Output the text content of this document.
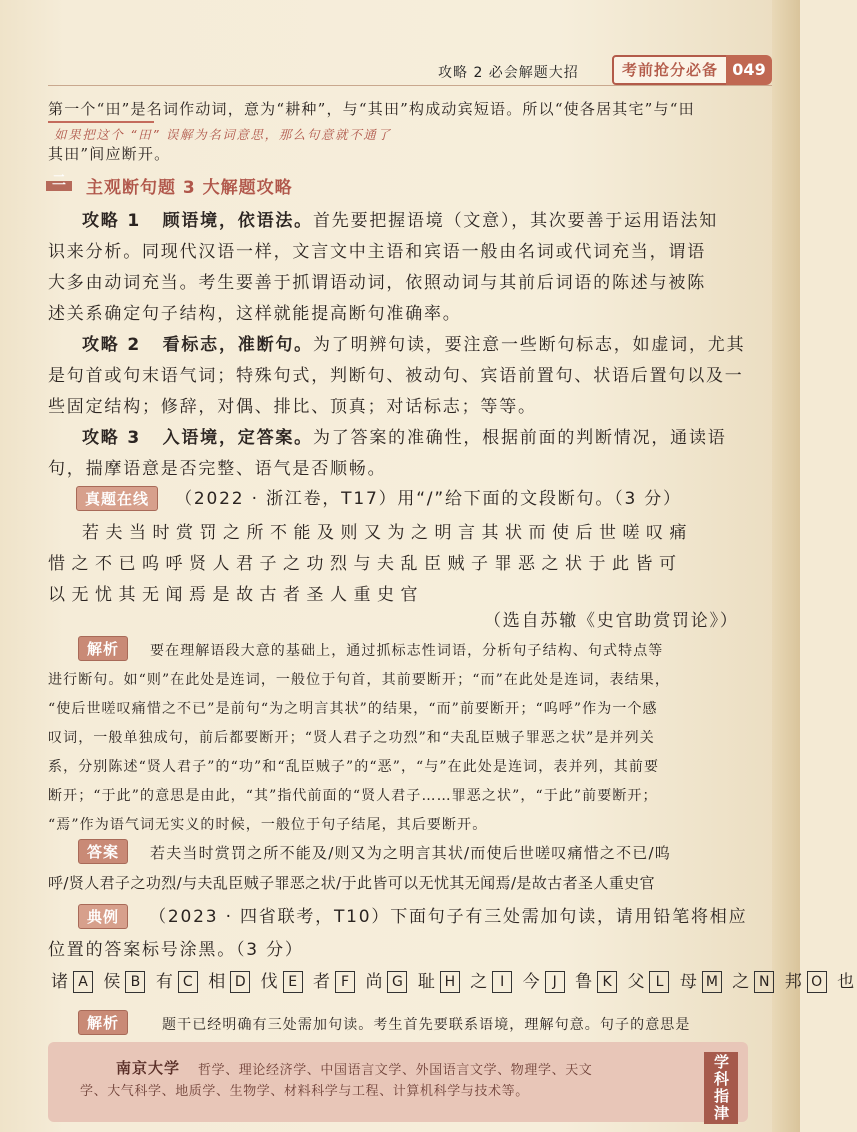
攻略 2 必会解题大招	考前抢分必备 049
第一个“田”是名词作动词，意为“耕种”，与“其田”构成动宾短语。所以“使各居其宅”与“田
如果把这个 “田” 误解为名词意思，那么句意就不通了
其田”间应断开。
二 主观断句题 3 大解题攻略
攻略 1 顾语境，依语法。首先要把握语境（文意），其次要善于运用语法知
识来分析。同现代汉语一样，文言文中主语和宾语一般由名词或代词充当，谓语
大多由动词充当。考生要善于抓谓语动词，依照动词与其前后词语的陈述与被陈
述关系确定句子结构，这样就能提高断句准确率。
攻略 2 看标志，准断句。为了明辨句读，要注意一些断句标志，如虚词，尤其
是句首或句末语气词；特殊句式，判断句、被动句、宾语前置句、状语后置句以及一
些固定结构；修辞，对偶、排比、顶真；对话标志；等等。
攻略 3 入语境，定答案。为了答案的准确性，根据前面的判断情况，通读语
句，揣摩语意是否完整、语气是否顺畅。
真题在线 （2022 · 浙江卷，T17）用“/”给下面的文段断句。（3 分）
若夫当时赏罚之所不能及则又为之明言其状而使后世嗟叹痛
惜之不已呜呼贤人君子之功烈与夫乱臣贼子罪恶之状于此皆可
以无忧其无闻焉是故古者圣人重史官
（选自苏辙《史官助赏罚论》）
解析	要在理解语段大意的基础上，通过抓标志性词语，分析句子结构、句式特点等
进行断句。如“则”在此处是连词，一般位于句首，其前要断开；“而”在此处是连词，表结果，
“使后世嗟叹痛惜之不已”是前句“为之明言其状”的结果，“而”前要断开；“呜呼”作为一个感
叹词，一般单独成句，前后都要断开；“贤人君子之功烈”和“夫乱臣贼子罪恶之状”是并列关
系，分别陈述“贤人君子”的“功”和“乱臣贼子”的“恶”，“与”在此处是连词，表并列，其前要
断开；“于此”的意思是由此，“其”指代前面的“贤人君子……罪恶之状”，“于此”前要断开；
“焉”作为语气词无实义的时候，一般位于句子结尾，其后要断开。
答案	若夫当时赏罚之所不能及/则又为之明言其状/而使后世嗟叹痛惜之不已/呜
呼/贤人君子之功烈/与夫乱臣贼子罪恶之状/于此皆可以无忧其无闻焉/是故古者圣人重史官
典例 （2023 · 四省联考，T10）下面句子有三处需加句读，请用铅笔将相应
位置的答案标号涂黑。（3 分）
诸 A 侯 B 有 C 相 D 伐 E 者 F 尚 G 耻 H 之 I 今 J 鲁 K 父 L 母 M 之 N 邦 O 也
解析	题干已经明确有三处需加句读。考生首先要联系语境，理解句意。句子的意思是
南京大学 哲学、理论经济学、中国语言文学、外国语言文学、物理学、天文
学、大气科学、地质学、生物学、材料科学与工程、计算机科学与技术等。	学科指津
